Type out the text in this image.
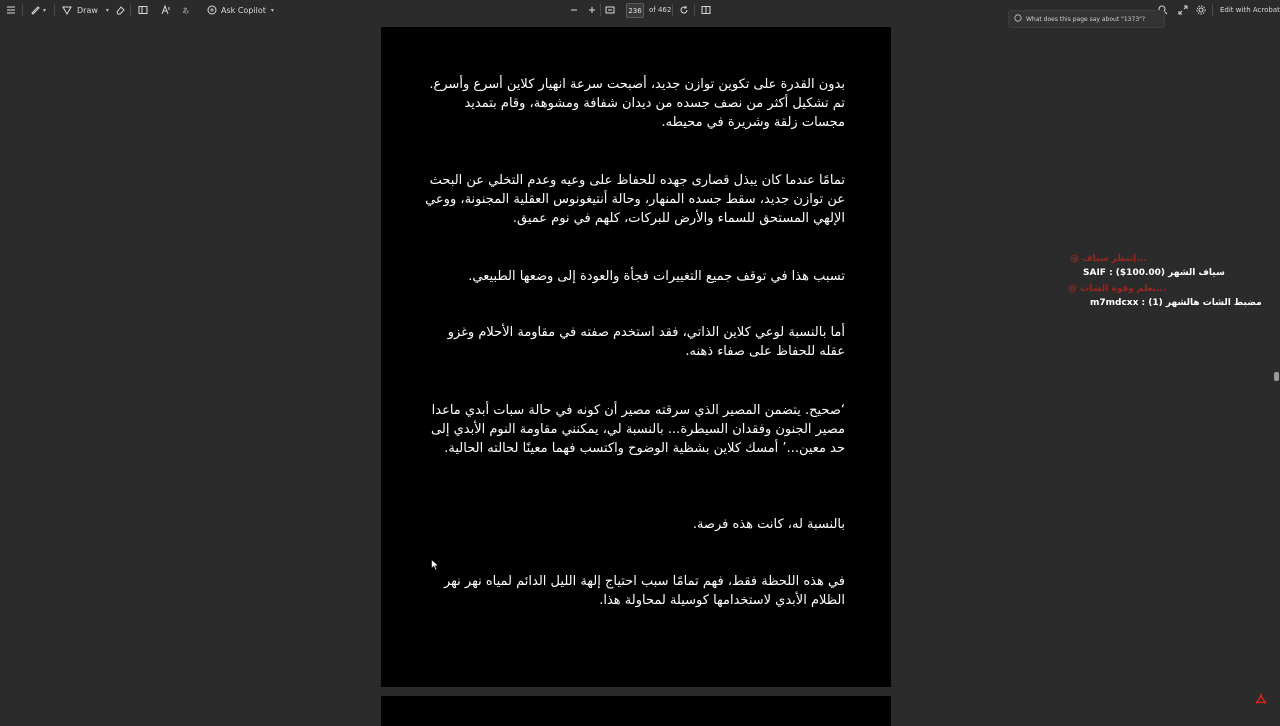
▾	Draw ▾	あ	Ask Copilot ▾	236	of 462	Edit with Acrobat
What does this page say about "1373"?
بدون القدرة على تكوين توازن جديد، أصبحت سرعة انهيار كلاين أسرع وأسرع. تم تشكيل أكثر من نصف جسده من ديدان شفافة ومشوهة، وقام بتمديد مجسات زلقة وشريرة في محيطه.
تمامًا عندما كان يبذل قصارى جهده للحفاظ على وعيه وعدم التخلي عن البحث عن توازن جديد، سقط جسده المنهار، وحالة أنتيغونوس العقلية المجنونة، ووعي الإلهي المستحق للسماء والأرض للبركات، كلهم في نوم عميق.
تسبب هذا في توقف جميع التغييرات فجأة والعودة إلى وضعها الطبيعي.
أما بالنسبة لوعي كلاين الذاتي، فقد استخدم صفته في مقاومة الأحلام وغزو عقله للحفاظ على صفاء ذهنه.
‘صحيح. يتضمن المصير الذي سرقته مصير أن كونه في حالة سبات أبدي ماعدا مصير الجنون وفقدان السيطرة... بالنسبة لي، يمكنني مقاومة النوم الأبدي إلى حد معين...’ أمسك كلاين بشظية الوضوح واكتسب فهما معينًا لحالته الحالية.
بالنسبة له، كانت هذه فرصة.
في هذه اللحظة فقط، فهم تمامًا سبب احتياج إلهة الليل الدائم لمياه نهر نهر الظلام الأبدي لاستخدامها كوسيلة لمحاولة هذا.
@ إنتظر سياف...
SAIF : ($100.00) سياف الشهر
@ تعلم وقوة الشات...
m7mdcxx : (1) مضبط الشات هالشهر
